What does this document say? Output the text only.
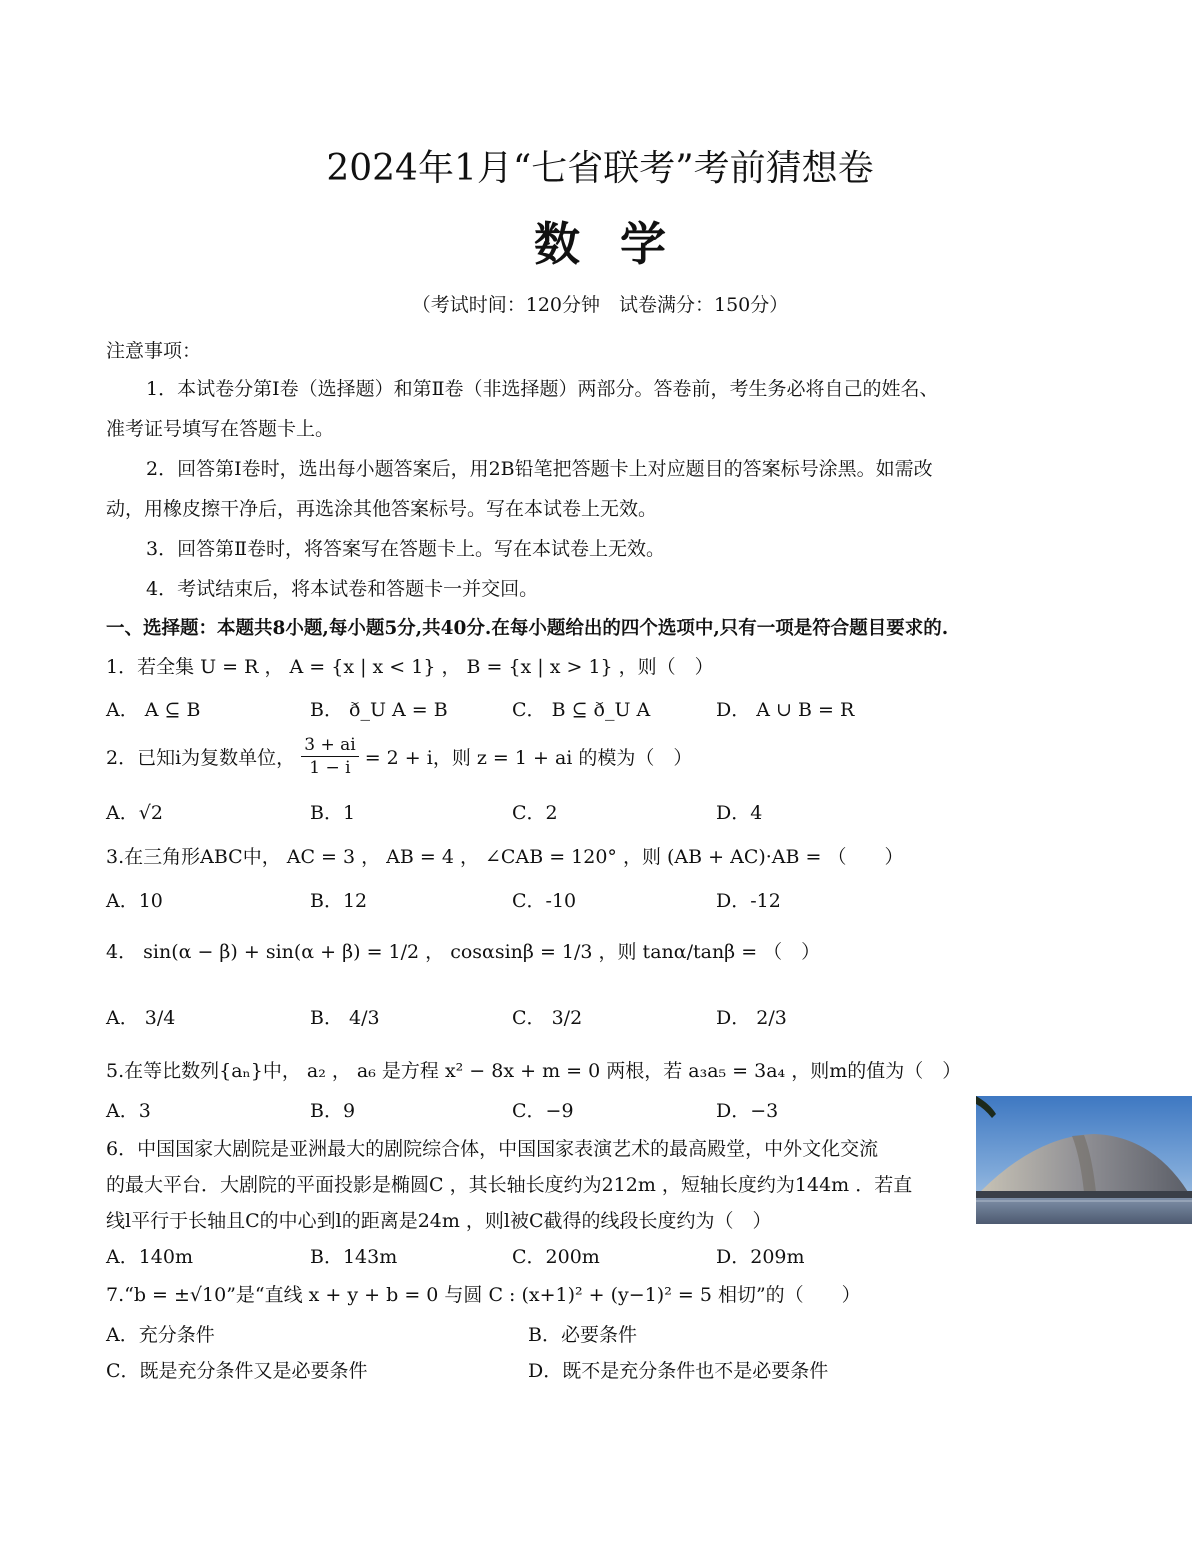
2024年1月“七省联考”考前猜想卷
数学
（考试时间：120分钟　试卷满分：150分）
注意事项：
1．本试卷分第Ⅰ卷（选择题）和第Ⅱ卷（非选择题）两部分。答卷前，考生务必将自己的姓名、
准考证号填写在答题卡上。
2．回答第Ⅰ卷时，选出每小题答案后，用2B铅笔把答题卡上对应题目的答案标号涂黑。如需改
动，用橡皮擦干净后，再选涂其他答案标号。写在本试卷上无效。
3．回答第Ⅱ卷时，将答案写在答题卡上。写在本试卷上无效。
4．考试结束后，将本试卷和答题卡一并交回。
一、选择题：本题共8小题,每小题5分,共40分.在每小题给出的四个选项中,只有一项是符合题目要求的.
1．若全集 U = R ， A = {x | x < 1} ， B = {x | x > 1} ，则（　）
A． A ⊆ B	B． ð_U A = B	C． B ⊆ ð_U A	D． A ∪ B = R
2．已知i为复数单位， $\frac{3 + ai}{1 - i} = 2 + i$，则 z = 1 + ai 的模为（　）
A．√2	B．1	C．2	D．4
3.在三角形ABC中， AC = 3 ， AB = 4 ， ∠CAB = 120° ，则 (AB + AC)·AB = （　　）
A．10	B．12	C．-10	D．-12
4． sin(α − β) + sin(α + β) = 1/2 ， cosαsinβ = 1/3 ，则 tanα/tanβ = （　）
A． 3/4	B． 4/3	C． 3/2	D． 2/3
5.在等比数列{aₙ}中， a₂ ， a₆ 是方程 x² − 8x + m = 0 两根，若 a₃a₅ = 3a₄ ，则m的值为（　）
A．3	B．9	C．−9	D．−3
6．中国国家大剧院是亚洲最大的剧院综合体，中国国家表演艺术的最高殿堂，中外文化交流
的最大平台．大剧院的平面投影是椭圆C ，其长轴长度约为212m ，短轴长度约为144m ．若直
线l平行于长轴且C的中心到l的距离是24m ，则l被C截得的线段长度约为（　）
A．140m	B．143m	C．200m	D．209m
7.“b = ±√10”是“直线 x + y + b = 0 与圆 C : (x+1)² + (y−1)² = 5 相切”的（　　）
A．充分条件	B．必要条件
C．既是充分条件又是必要条件	D．既不是充分条件也不是必要条件
